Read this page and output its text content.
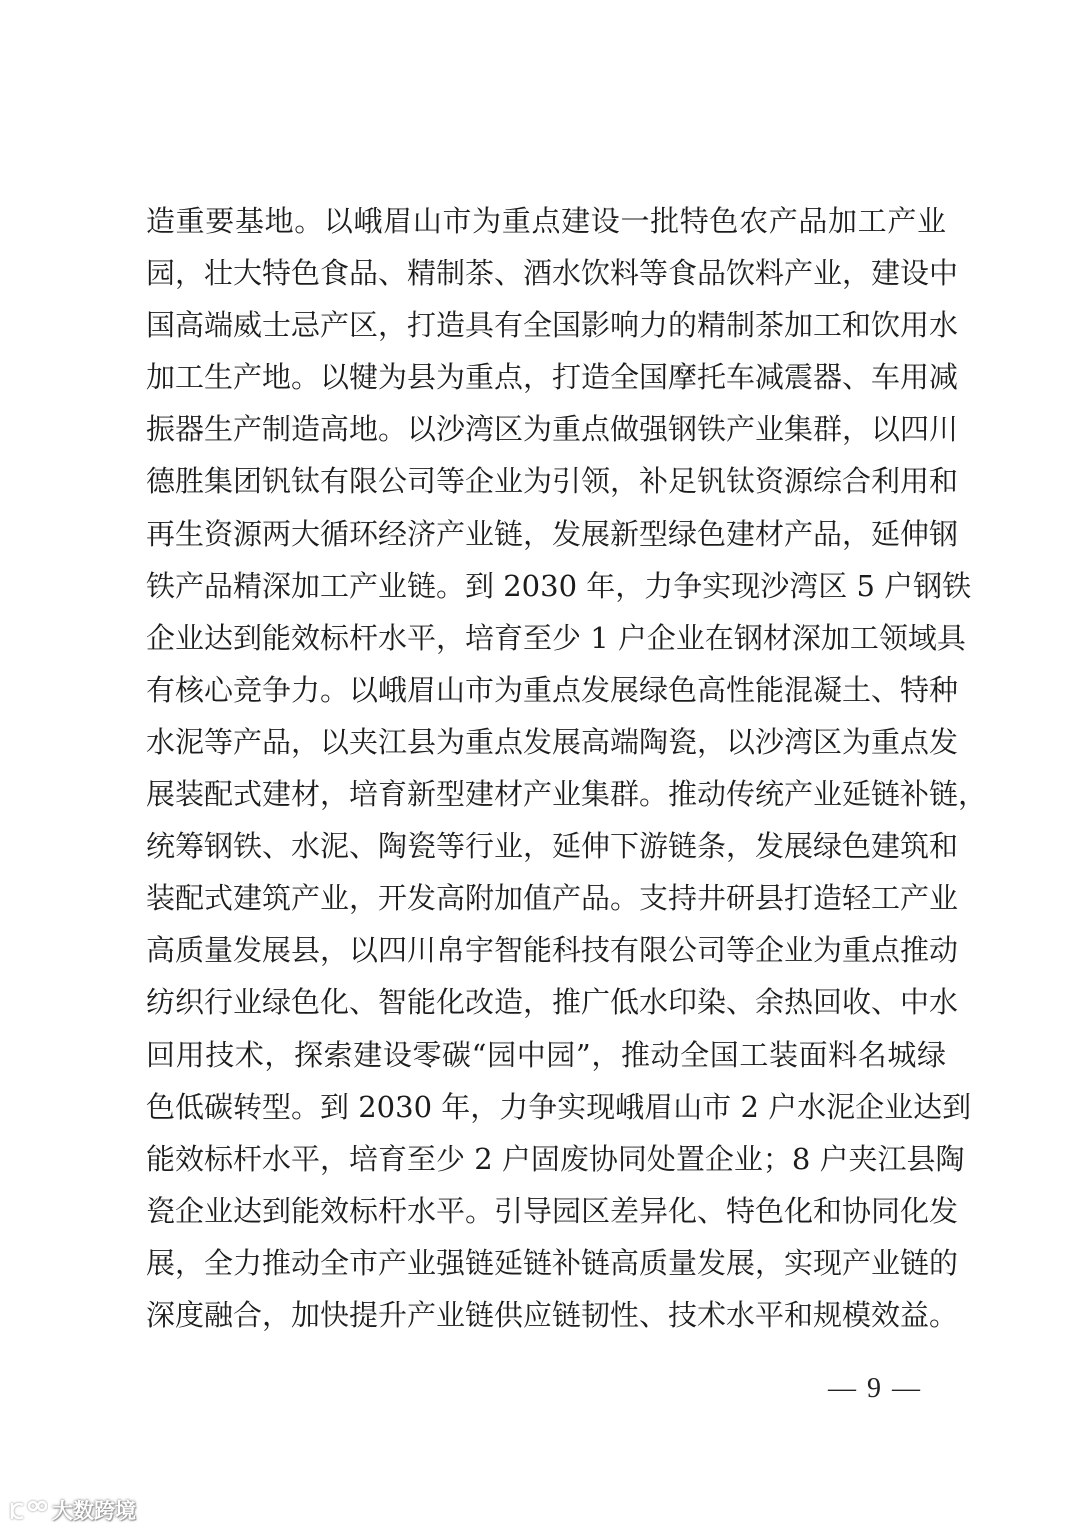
造重要基地。以峨眉山市为重点建设一批特色农产品加工产业
园，壮大特色食品、精制茶、酒水饮料等食品饮料产业，建设中
国高端威士忌产区，打造具有全国影响力的精制茶加工和饮用水
加工生产地。以犍为县为重点，打造全国摩托车减震器、车用减
振器生产制造高地。以沙湾区为重点做强钢铁产业集群，以四川
德胜集团钒钛有限公司等企业为引领，补足钒钛资源综合利用和
再生资源两大循环经济产业链，发展新型绿色建材产品，延伸钢
铁产品精深加工产业链。到 2030 年，力争实现沙湾区 5 户钢铁
企业达到能效标杆水平，培育至少 1 户企业在钢材深加工领域具
有核心竞争力。以峨眉山市为重点发展绿色高性能混凝土、特种
水泥等产品，以夹江县为重点发展高端陶瓷，以沙湾区为重点发
展装配式建材，培育新型建材产业集群。推动传统产业延链补链，
统筹钢铁、水泥、陶瓷等行业，延伸下游链条，发展绿色建筑和
装配式建筑产业，开发高附加值产品。支持井研县打造轻工产业
高质量发展县，以四川帛宇智能科技有限公司等企业为重点推动
纺织行业绿色化、智能化改造，推广低水印染、余热回收、中水
回用技术，探索建设零碳“园中园”，推动全国工装面料名城绿
色低碳转型。到 2030 年，力争实现峨眉山市 2 户水泥企业达到
能效标杆水平，培育至少 2 户固废协同处置企业；8 户夹江县陶
瓷企业达到能效标杆水平。引导园区差异化、特色化和协同化发
展，全力推动全市产业强链延链补链高质量发展，实现产业链的
深度融合，加快提升产业链供应链韧性、技术水平和规模效益。
— 9 —
大数跨境
